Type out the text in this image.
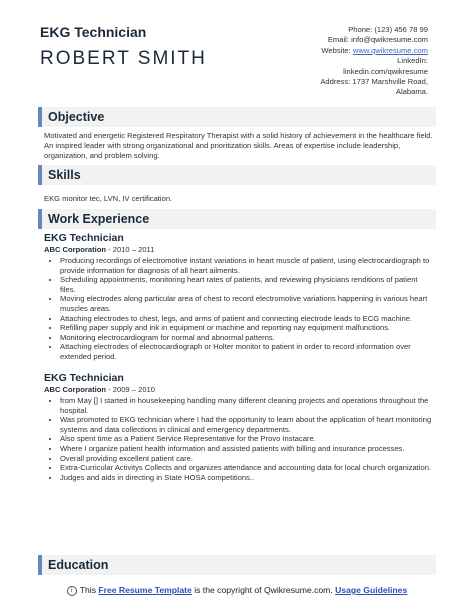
EKG Technician
ROBERT SMITH
Phone: (123) 456 78 99
Email: info@qwikresume.com
Website: www.qwikresume.com
LinkedIn:
linkedin.com/qwikresume
Address: 1737 Marshville Road,
Alabama.
Objective
Motivated and energetic Registered Respiratory Therapist with a solid history of achievement in the healthcare field. An inspired leader with strong organizational and prioritization skills. Areas of expertise include leadership, organization, and problem solving.
Skills
EKG monitor tec, LVN, IV certification.
Work Experience
EKG Technician
ABC Corporation - 2010 – 2011
• Producing recordings of electromotive instant variations in heart muscle of patient, using electrocardiograph to provide information for diagnosis of all heart ailments.
• Scheduling appointments, monitoring heart rates of patients, and reviewing physicians renditions of patient files.
• Moving electrodes along particular area of chest to record electromotive variations happening in various heart muscles areas.
• Attaching electrodes to chest, legs, and arms of patient and connecting electrode leads to ECG machine.
• Refilling paper supply and ink in equipment or machine and reporting nay equipment malfunctions.
• Monitoring electrocardiogram for normal and abnormal patterns.
• Attaching electrodes of electrocardiograph or Holter monitor to patient in order to record information over extended period.
EKG Technician
ABC Corporation - 2009 – 2010
• from May [] I started in housekeeping handling many different cleaning projects and operations throughout the hospital.
• Was promoted to EKG technician where I had the opportunity to learn about the application of heart monitoring systems and data collections in clinical and emergency departments.
• Also spent time as a Patient Service Representative for the Provo Instacare.
• Where I organize patient health information and assisted patients with billing and insurance processes.
• Overall providing excellent patient care.
• Extra-Curricular Activitys Collects and organizes attendance and accounting data for local church organization.
• Judges and aids in directing in State HOSA competitions..
Education
i This Free Resume Template is the copyright of Qwikresume.com. Usage Guidelines
